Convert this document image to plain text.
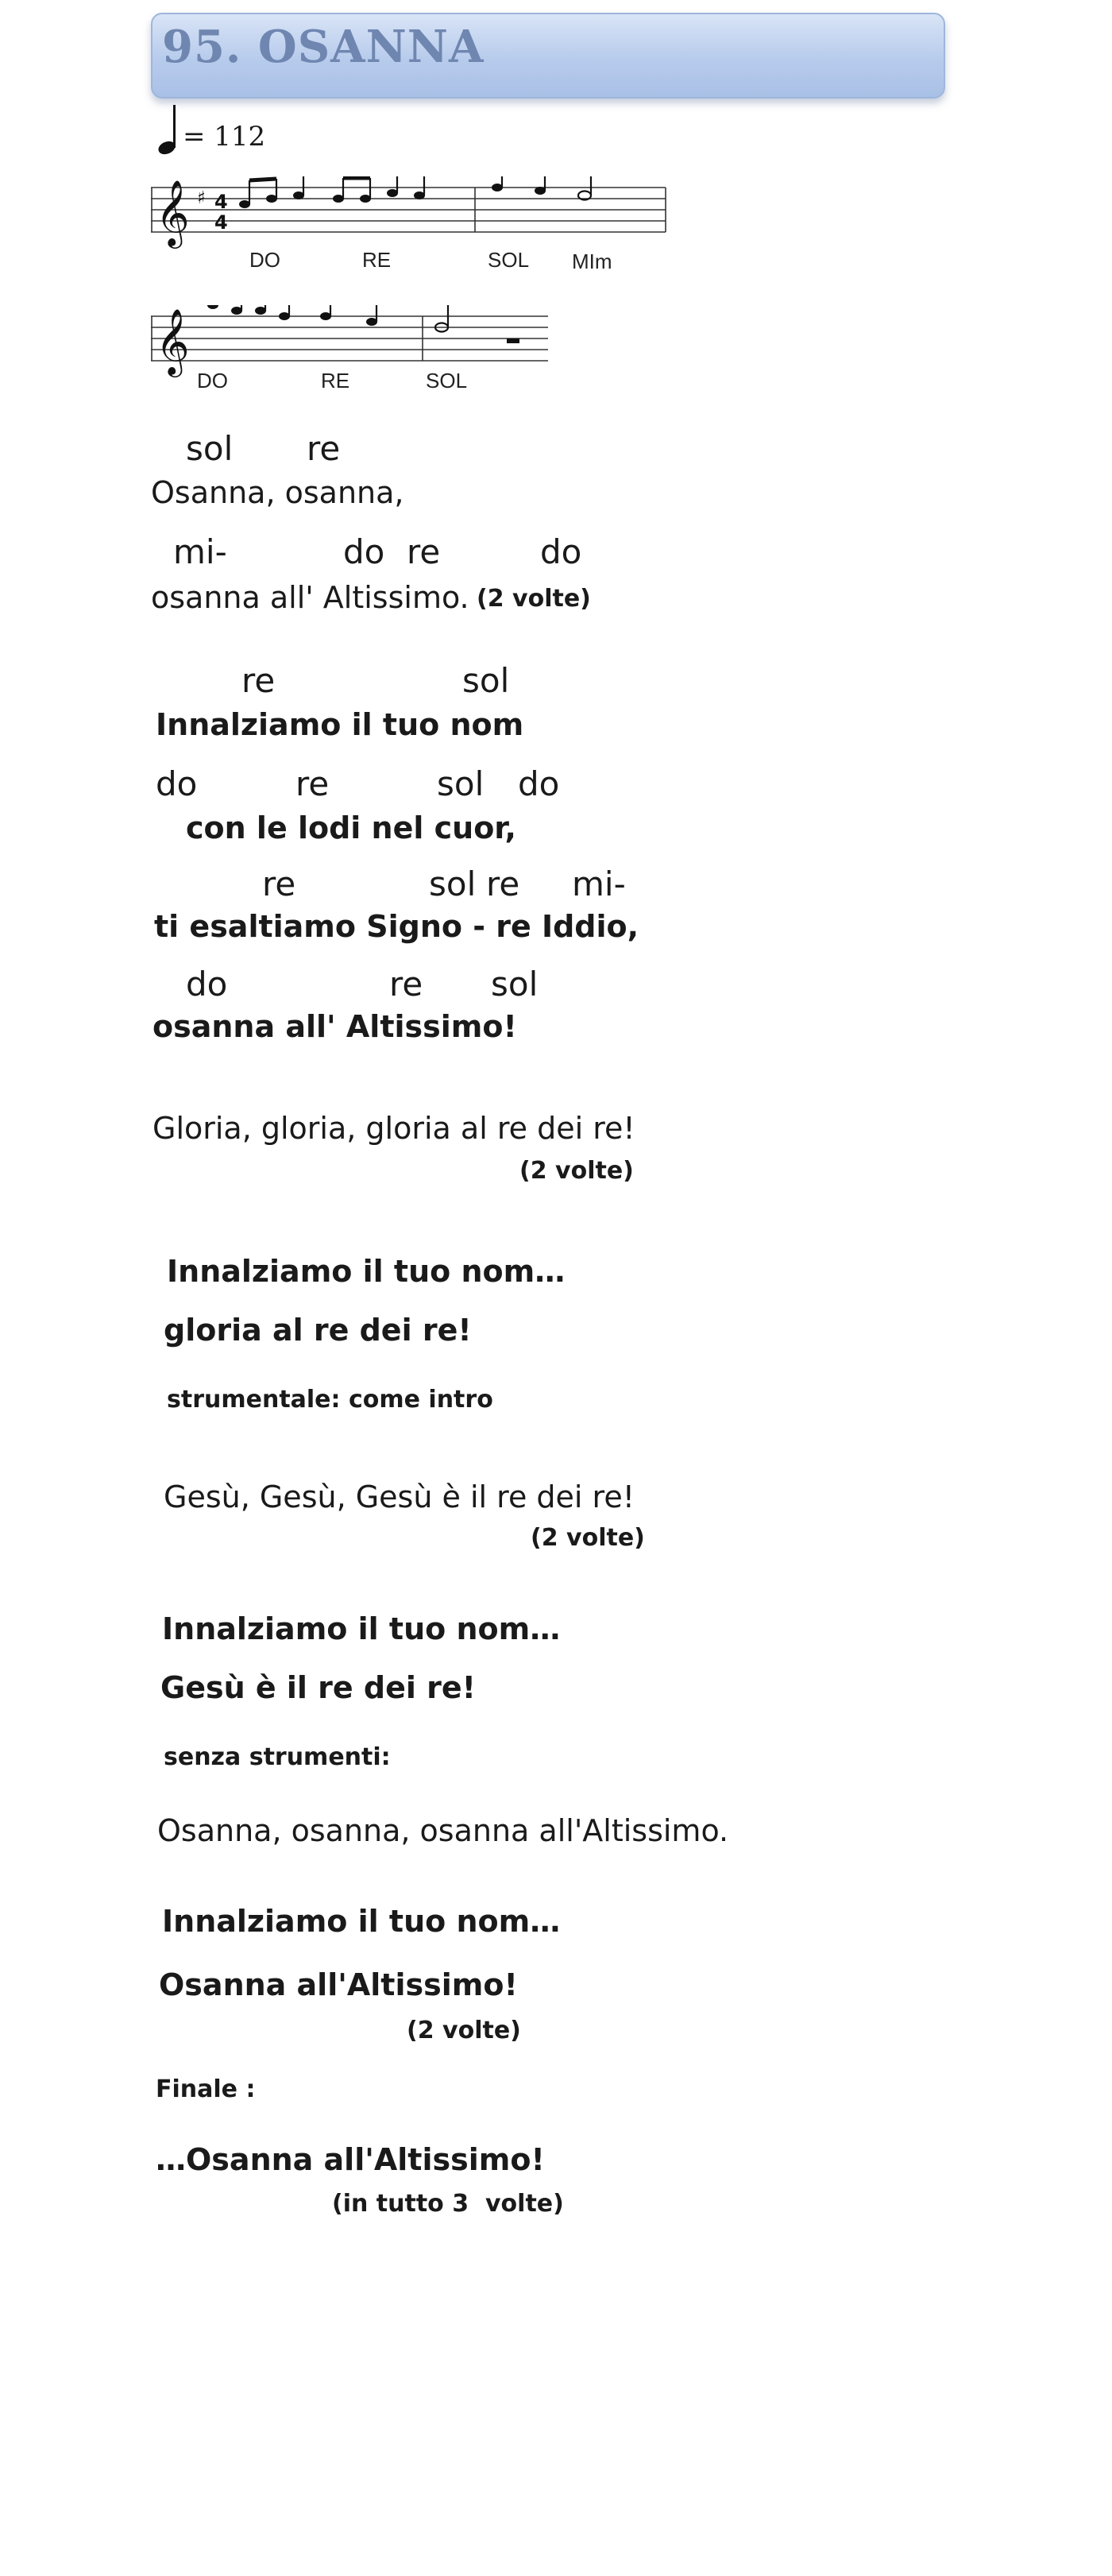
95. OSANNA

= 112

𝄞 ♯ 4
4
DO	RE	SOL MIm
𝄞
DO	RE	SOL
sol re
Osanna, osanna,
mi-	do re	do
osanna all' Altissimo. (2 volte)
re	sol
Innalziamo il tuo nom
do	re	sol do
con le lodi nel cuor,
re	sol re mi-
ti esaltiamo Signo - re Iddio,
do	re sol
osanna all' Altissimo!
Gloria, gloria, gloria al re dei re!
(2 volte)
Innalziamo il tuo nom…
gloria al re dei re!
strumentale: come intro
Gesù, Gesù, Gesù è il re dei re!
(2 volte)
Innalziamo il tuo nom…
Gesù è il re dei re!
senza strumenti:
Osanna, osanna, osanna all'Altissimo.
Innalziamo il tuo nom…
Osanna all'Altissimo!
(2 volte)
Finale :
…Osanna all'Altissimo!
(in tutto 3  volte)
